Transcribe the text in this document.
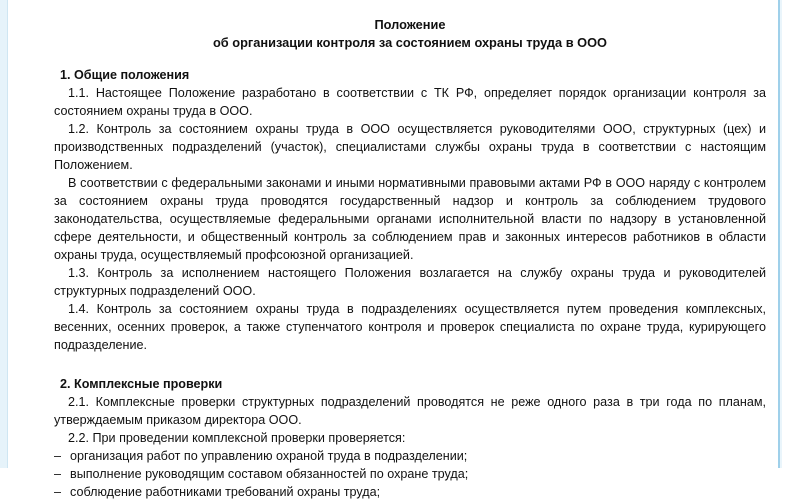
Положение

об организации контроля за состоянием охраны труда в ООО

1. Общие положения

1.1. Настоящее Положение разработано в соответствии с ТК РФ, определяет порядок организации контроля за состоянием охраны труда в ООО.

1.2. Контроль за состоянием охраны труда в ООО осуществляется руководителями ООО, структурных (цех) и производственных подразделений (участок), специалистами службы охраны труда в соответствии с настоящим Положением.

В соответствии с федеральными законами и иными нормативными правовыми актами РФ в ООО наряду с контролем за состоянием охраны труда проводятся государственный надзор и контроль за соблюдением трудового законодательства, осуществляемые федеральными органами исполнительной власти по надзору в установленной сфере деятельности, и общественный контроль за соблюдением прав и законных интересов работников в области охраны труда, осуществляемый профсоюзной организацией.

1.3. Контроль за исполнением настоящего Положения возлагается на службу охраны труда и руководителей структурных подразделений ООО.

1.4. Контроль за состоянием охраны труда в подразделениях осуществляется путем проведения комплексных, весенних, осенних проверок, а также ступенчатого контроля и проверок специалиста по охране труда, курирующего подразделение.

2. Комплексные проверки

2.1. Комплексные проверки структурных подразделений проводятся не реже одного раза в три года по планам, утверждаемым приказом директора ООО.

2.2. При проведении комплексной проверки проверяется:

– организация работ по управлению охраной труда в подразделении;

– выполнение руководящим составом обязанностей по охране труда;

– соблюдение работниками требований охраны труда;
